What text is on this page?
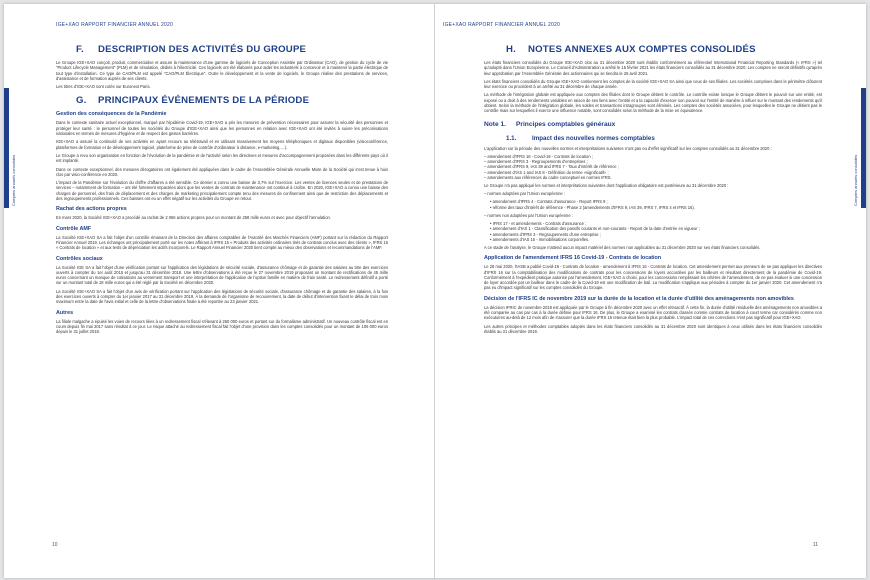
IGE+XAO RAPPORT FINANCIER ANNUEL 2020
Comptes annuels consolidés
F. DESCRIPTION DES ACTIVITÉS DU GROUPE

Le Groupe IGE+XAO conçoit, produit, commercialise et assure la maintenance d'une gamme de logiciels de Conception Assistée par Ordinateur (CAO), de gestion du cycle de vie "Product Lifecycle Management" (PLM) et de simulation, dédiés à l'électricité. Ces logiciels ont été élaborés pour aider les industriels à concevoir et à maintenir la partie électrique de tout type d'installation. Ce type de CAO/PLM est appelé "CAO/PLM Électrique". Outre le développement et la vente de logiciels, le Groupe réalise des prestations de services, d'assistance et de formation auprès de ses clients.

Les titres d'IGE+XAO sont cotés sur Euronext Paris.

G. PRINCIPAUX ÉVÉNEMENTS DE LA PÉRIODE
Gestion des conséquences de la Pandémie

Dans le contexte sanitaire actuel exceptionnel, marqué par l'épidémie Covid-19, IGE+XAO a pris les mesures de prévention nécessaires pour assurer la sécurité des personnes et protéger leur santé : le personnel de toutes les sociétés du Groupe d'IGE+XAO ainsi que les personnes en relation avec IGE+XAO ont été invités à suivre les préconisations nationales en termes de mesures d'hygiène et de respect des gestes barrières.

IGE+XAO a assuré la continuité de ses activités en ayant recours au télétravail et en utilisant massivement les moyens téléphoniques et digitaux disponibles (visioconférence, plateformes de formation et de développement logiciel, plateforme de prise de contrôle d'ordinateur à distance, e-marketing,…).

Le Groupe a revu son organisation en fonction de l'évolution de la pandémie et de l'activité selon les directives et mesures d'accompagnement proposées dans les différents pays où il est implanté.

Dans ce contexte exceptionnel, des mesures dérogatoires ont également été appliquées dans le cadre de l'Assemblée Générale Annuelle Mixte de la Société qui s'est tenue à huis clos par visio-conférence en 2020.

L'impact de la Pandémie sur l'évolution du chiffre d'affaires a été sensible. Ce dernier a connu une baisse de 3,7% sur l'exercice. Les ventes de licences seules et de prestations de services – notamment de formation – ont été fortement impactées alors que les ventes de contrats de maintenance ont continué à croître. En 2020, IGE+XAO a connu une baisse des charges de personnel, des frais de déplacement et des charges de marketing principalement compte tenu des mesures de confinement ainsi que de restriction des déplacements et des regroupements professionnels. Ces baisses ont eu un effet négatif sur les activités du Groupe en retour.

Rachat des actions propres

En mars 2020, la Société IGE+XAO a procédé au rachat de 2 066 actions propres pour un montant de 258 mille euros et avec pour objectif l'annulation.

Contrôle AMF

La Société IGE+XAO SA a fait l'objet d'un contrôle émanant de la Direction des affaires comptables de l'Autorité des Marchés Financiers (AMF) portant sur la rédaction du Rapport Financier Annuel 2019. Les échanges ont principalement porté sur les notes afférant à IFRS 15 « Produits des activités ordinaires tirés de contrats conclus avec des clients », IFRS 16 « Contrats de location » et aux tests de dépréciation les actifs incorporels. Le Rapport Annuel Financier 2020 tient compte au mieux des observations et recommandations de l'AMF.

Contrôles sociaux

La Société IGE SA a fait l'objet d'une vérification portant sur l'application des législations de sécurité sociale, d'assurance chômage et de garantie des salaires au titre des exercices ouverts à compter du 1er août 2015 et jusqu'au 31 décembre 2018. Une lettre d'observations a été reçue le 27 novembre 2019 proposant un montant de rectifications de 45 mille euros concernant un manque de cotisations au versement transport et une interprétation de l'application de l'option famille en matière de frais santé. Le redressement définitif a porté sur un montant total de 18 mille euros qui a été réglé par la Société en décembre 2020.

La Société IGE+XAO SA a fait l'objet d'un avis de vérification portant sur l'application des législations de sécurité sociale, d'assurance chômage et de garantie des salaires, à la fois des exercices ouverts à compter du 1er janvier 2017 au 31 décembre 2019. À la demande de l'organisme de recouvrement, la date de début d'intervention fixant le délai de trois mois maximum entre la date de l'avis initial et celle de la lettre d'observations finale a été reportée au 23 janvier 2021.

Autres

La filiale malgache a épuisé les voies de recours liées à un redressement fiscal s'élevant à 260 000 euros et portant sur du formalisme administratif. Un nouveau contrôle fiscal est en cours depuis fin mai 2017 sans résultat à ce jour. Le risque attaché au redressement fiscal fait l'objet d'une provision dans les comptes consolidés pour un montant de 106 000 euros depuis le 31 juillet 2018.

10
IGE+XAO RAPPORT FINANCIER ANNUEL 2020
Comptes annuels consolidés
H. NOTES ANNEXES AUX COMPTES CONSOLIDÉS

Les états financiers consolidés du Groupe IGE+XAO clos au 31 décembre 2020 sont établis conformément au référentiel International Financial Reporting Standards (« IFRS ») tel qu'adopté dans l'Union Européenne. Le Conseil d'Administration a arrêté le 15 février 2021 les états financiers consolidés au 31 décembre 2020. Les comptes ne seront définitifs qu'après leur approbation par l'Assemblée Générale des actionnaires qui se tiendra le 26 avril 2021.

Les états financiers consolidés du Groupe IGE+XAO contiennent les comptes de la société IGE+XAO SA ainsi que ceux de ses filiales. Les sociétés comprises dans le périmètre clôturent leur exercice ou procèdent à un arrêté au 31 décembre de chaque année.

La méthode de l'intégration globale est appliquée aux comptes des filiales dont le Groupe détient le contrôle. Le contrôle existe lorsque le Groupe détient le pouvoir sur une entité, est exposé ou a droit à des rendements variables en raison de ses liens avec l'entité et a la capacité d'exercer son pouvoir sur l'entité de manière à influer sur le montant des rendements qu'il obtient. Selon la méthode de l'intégration globale, les soldes et transactions intragroupes sont éliminés. Les comptes des sociétés associées, pour lesquelles le Groupe ne détient pas le contrôle mais sur lesquelles il exerce une influence notable, sont consolidés selon la méthode de la mise en équivalence.

Note 1. Principes comptables généraux
1.1.	Impact des nouvelles normes comptables

L'application sur la période des nouvelles normes et interprétations suivantes n'ont pas eu d'effet significatif sur les comptes consolidés au 31 décembre 2020 :

– amendement d'IFRS 16 - Covid-19 - Contrats de location ;
– amendement d'IFRS 3 - Regroupements d'entreprises ;
– amendement d'IFRS 9, IAS 39 and IFRS 7 - Taux d'intérêt de référence ;
– amendement d'IAS 1 and IAS 8 - Définition du terme «significatif» ;
– amendements aux références du cadre conceptuel en normes IFRS.

Le Groupe n'a pas appliqué les normes et interprétations suivantes dont l'application obligatoire est postérieure au 31 décembre 2020 :

– normes adoptées par l'Union européenne :
• amendement d'IFRS 4 - Contrats d'assurance - Report IFRS 9 ;
• réforme des taux d'intérêt de référence - Phase 2 (amendements d'IFRS 9, IAS 39, IFRS 7, IFRS 4 et IFRS 16).
– normes non adoptées par l'Union européenne :
• IFRS 17 - et amendements - Contrats d'assurance ;
• amendement d'IAS 1 - Classification des passifs courants et non-courants - Report de la date d'entrée en vigueur ;
• amendements d'IFRS 3 - Regroupements d'une entreprise ;
• amendements d'IAS 16 - Immobilisations corporelles.

A ce stade de l'analyse, le Groupe n'attend aucun impact matériel des normes non applicables au 31 décembre 2020 sur ses états financiers consolidés.

Application de l'amendement IFRS 16 Covid-19 - Contrats de location

Le 28 mai 2020, l'IASB a publié Covid-19 - Contrats de location - amendement à IFRS 16 - Contrats de location. Cet amendement permet aux preneurs de ne pas appliquer les directives d'IFRS 16 sur la comptabilisation des modifications de contrats pour les concessions de loyers accordées par les bailleurs et résultant directement de la pandémie de Covid-19. Conformément à l'expédient pratique autorisé par l'amendement, IGE+XAO a choisi, pour les concessions remplissant les critères de l'amendement, de ne pas évaluer si une concession de loyer accordée par un bailleur dans le cadre de la Covid-19 est une modification de bail. La modification s'applique aux périodes à compter du 1er janvier 2020. Cet amendement n'a pas eu d'impact significatif sur les comptes consolidés du Groupe.

Décision de l'IFRS IC de novembre 2019 sur la durée de la location et la durée d'utilité des aménagements non amovibles

La décision IFRIC de novembre 2019 est appliquée par le Groupe à fin décembre 2020 avec un effet rétroactif. À cette fin, la durée d'utilité résiduelle des aménagements non amovibles a été comparée au cas par cas à la durée définie pour IFRS 16. De plus, le Groupe a examiné les contrats classés comme contrats de location à court terme car considérés comme non exécutoires au-delà de 12 mois afin de s'assurer que la durée IFRS 16 retenue était bien la plus probable. L'impact total de ces corrections n'est pas significatif pour IGE+XAO.

Les autres principes et méthodes comptables adoptés dans les états financiers consolidés au 31 décembre 2020 sont identiques à ceux utilisés dans les états financiers consolidés établis au 31 décembre 2019.

11
